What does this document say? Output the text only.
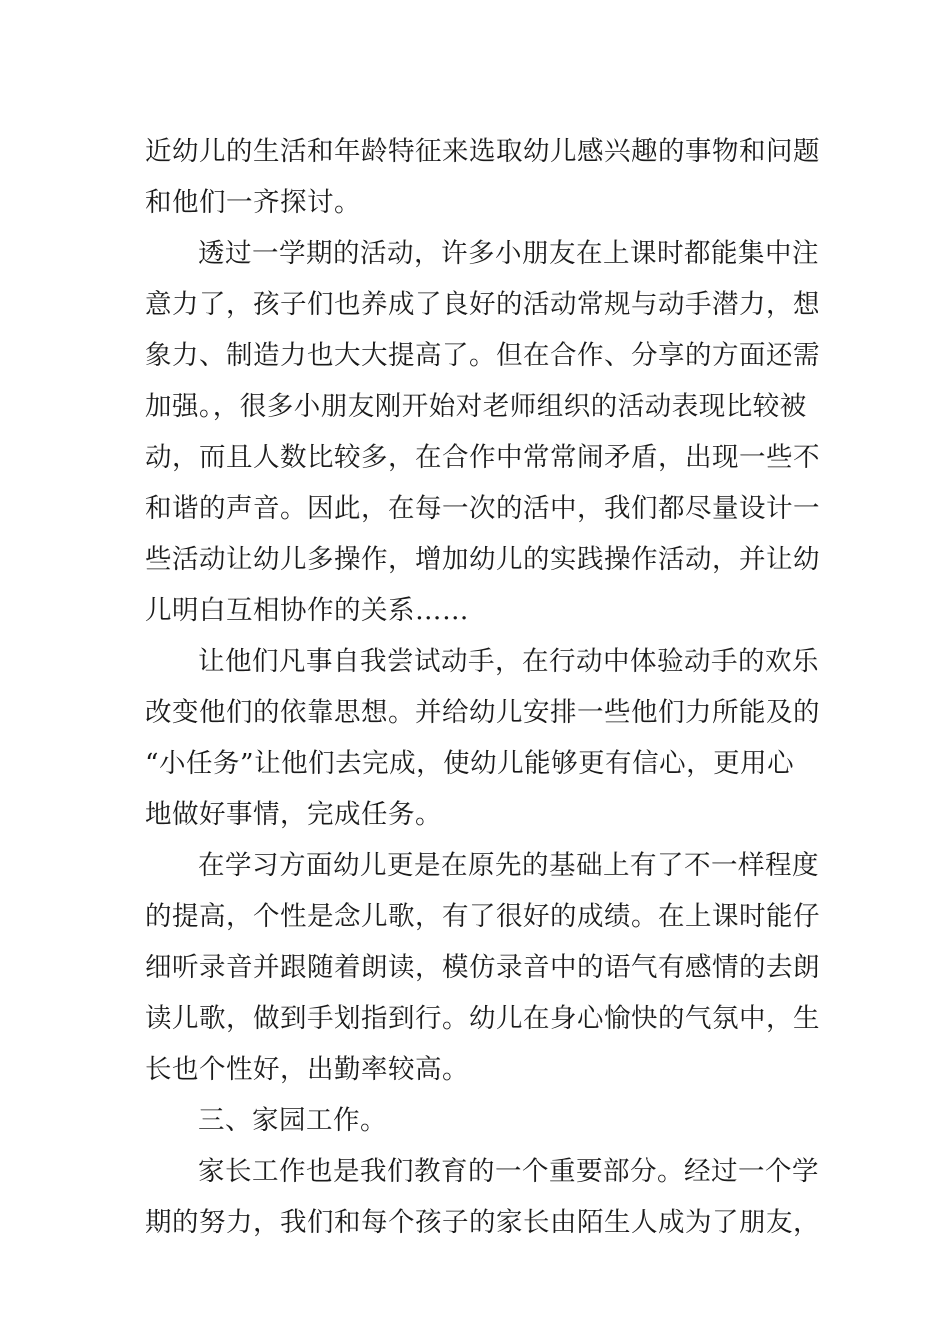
近幼儿的生活和年龄特征来选取幼儿感兴趣的事物和问题
和他们一齐探讨。
透过一学期的活动，许多小朋友在上课时都能集中注
意力了，孩子们也养成了良好的活动常规与动手潜力，想
象力、制造力也大大提高了。但在合作、分享的方面还需
加强。，很多小朋友刚开始对老师组织的活动表现比较被
动，而且人数比较多，在合作中常常闹矛盾，出现一些不
和谐的声音。因此，在每一次的活中，我们都尽量设计一
些活动让幼儿多操作，增加幼儿的实践操作活动，并让幼
儿明白互相协作的关系……
让他们凡事自我尝试动手，在行动中体验动手的欢乐
改变他们的依靠思想。并给幼儿安排一些他们力所能及的
“小任务”让他们去完成，使幼儿能够更有信心，更用心
地做好事情，完成任务。
在学习方面幼儿更是在原先的基础上有了不一样程度
的提高，个性是念儿歌，有了很好的成绩。在上课时能仔
细听录音并跟随着朗读，模仿录音中的语气有感情的去朗
读儿歌，做到手划指到行。幼儿在身心愉快的气氛中，生
长也个性好，出勤率较高。
三、家园工作。
家长工作也是我们教育的一个重要部分。经过一个学
期的努力，我们和每个孩子的家长由陌生人成为了朋友，
